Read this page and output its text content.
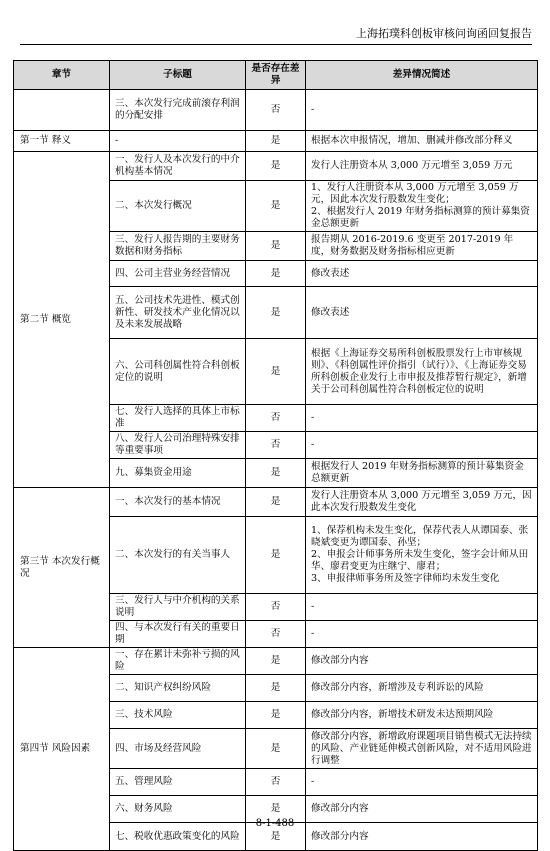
上海拓璞科创板审核问询函回复报告
章节	子标题	是否存在差异	差异情况简述
	三、本次发行完成前滚存利润的分配安排	否	-
第一节 释义	-	是	根据本次申报情况，增加、删减并修改部分释义
第二节 概览	一、发行人及本次发行的中介机构基本情况	是	发行人注册资本从 3,000 万元增至 3,059 万元
	二、本次发行概况	是	1、发行人注册资本从 3,000 万元增至 3,059 万元，因此本次发行股数发生变化；
2、根据发行人 2019 年财务指标测算的预计募集资金总额更新
	三、发行人报告期的主要财务数据和财务指标	是	报告期从 2016-2019.6 变更至 2017-2019 年度，财务数据及财务指标相应更新
	四、公司主营业务经营情况	是	修改表述
	五、公司技术先进性、模式创新性、研发技术产业化情况以及未来发展战略	是	修改表述
	六、公司科创属性符合科创板定位的说明	是	根据《上海证券交易所科创板股票发行上市审核规则》、《科创属性评价指引（试行）》、《上海证券交易所科创板企业发行上市申报及推荐暂行规定》，新增关于公司科创属性符合科创板定位的说明
	七、发行人选择的具体上市标准	否	-
	八、发行人公司治理特殊安排等重要事项	否	-
	九、募集资金用途	是	根据发行人 2019 年财务指标测算的预计募集资金总额更新
第三节 本次发行概况	一、本次发行的基本情况	是	发行人注册资本从 3,000 万元增至 3,059 万元，因此本次发行股数发生变化
	二、本次发行的有关当事人	是	1、保荐机构未发生变化，保荐代表人从谭国泰、张晓斌变更为谭国泰、孙坚；
2、申报会计师事务所未发生变化，签字会计师从田华、廖君变更为庄继宁、廖君；
3、申报律师事务所及签字律师均未发生变化
	三、发行人与中介机构的关系说明	否	-
	四、与本次发行有关的重要日期	否	-
第四节 风险因素	一、存在累计未弥补亏损的风险	是	修改部分内容
	二、知识产权纠纷风险	是	修改部分内容，新增涉及专利诉讼的风险
	三、技术风险	是	修改部分内容，新增技术研发未达预期风险
	四、市场及经营风险	是	修改部分内容，新增政府课题项目销售模式无法持续的风险、产业链延伸模式创新风险，对不适用风险进行调整
	五、管理风险	否	-
	六、财务风险	是	修改部分内容
	七、税收优惠政策变化的风险	是	修改部分内容
8-1-488
